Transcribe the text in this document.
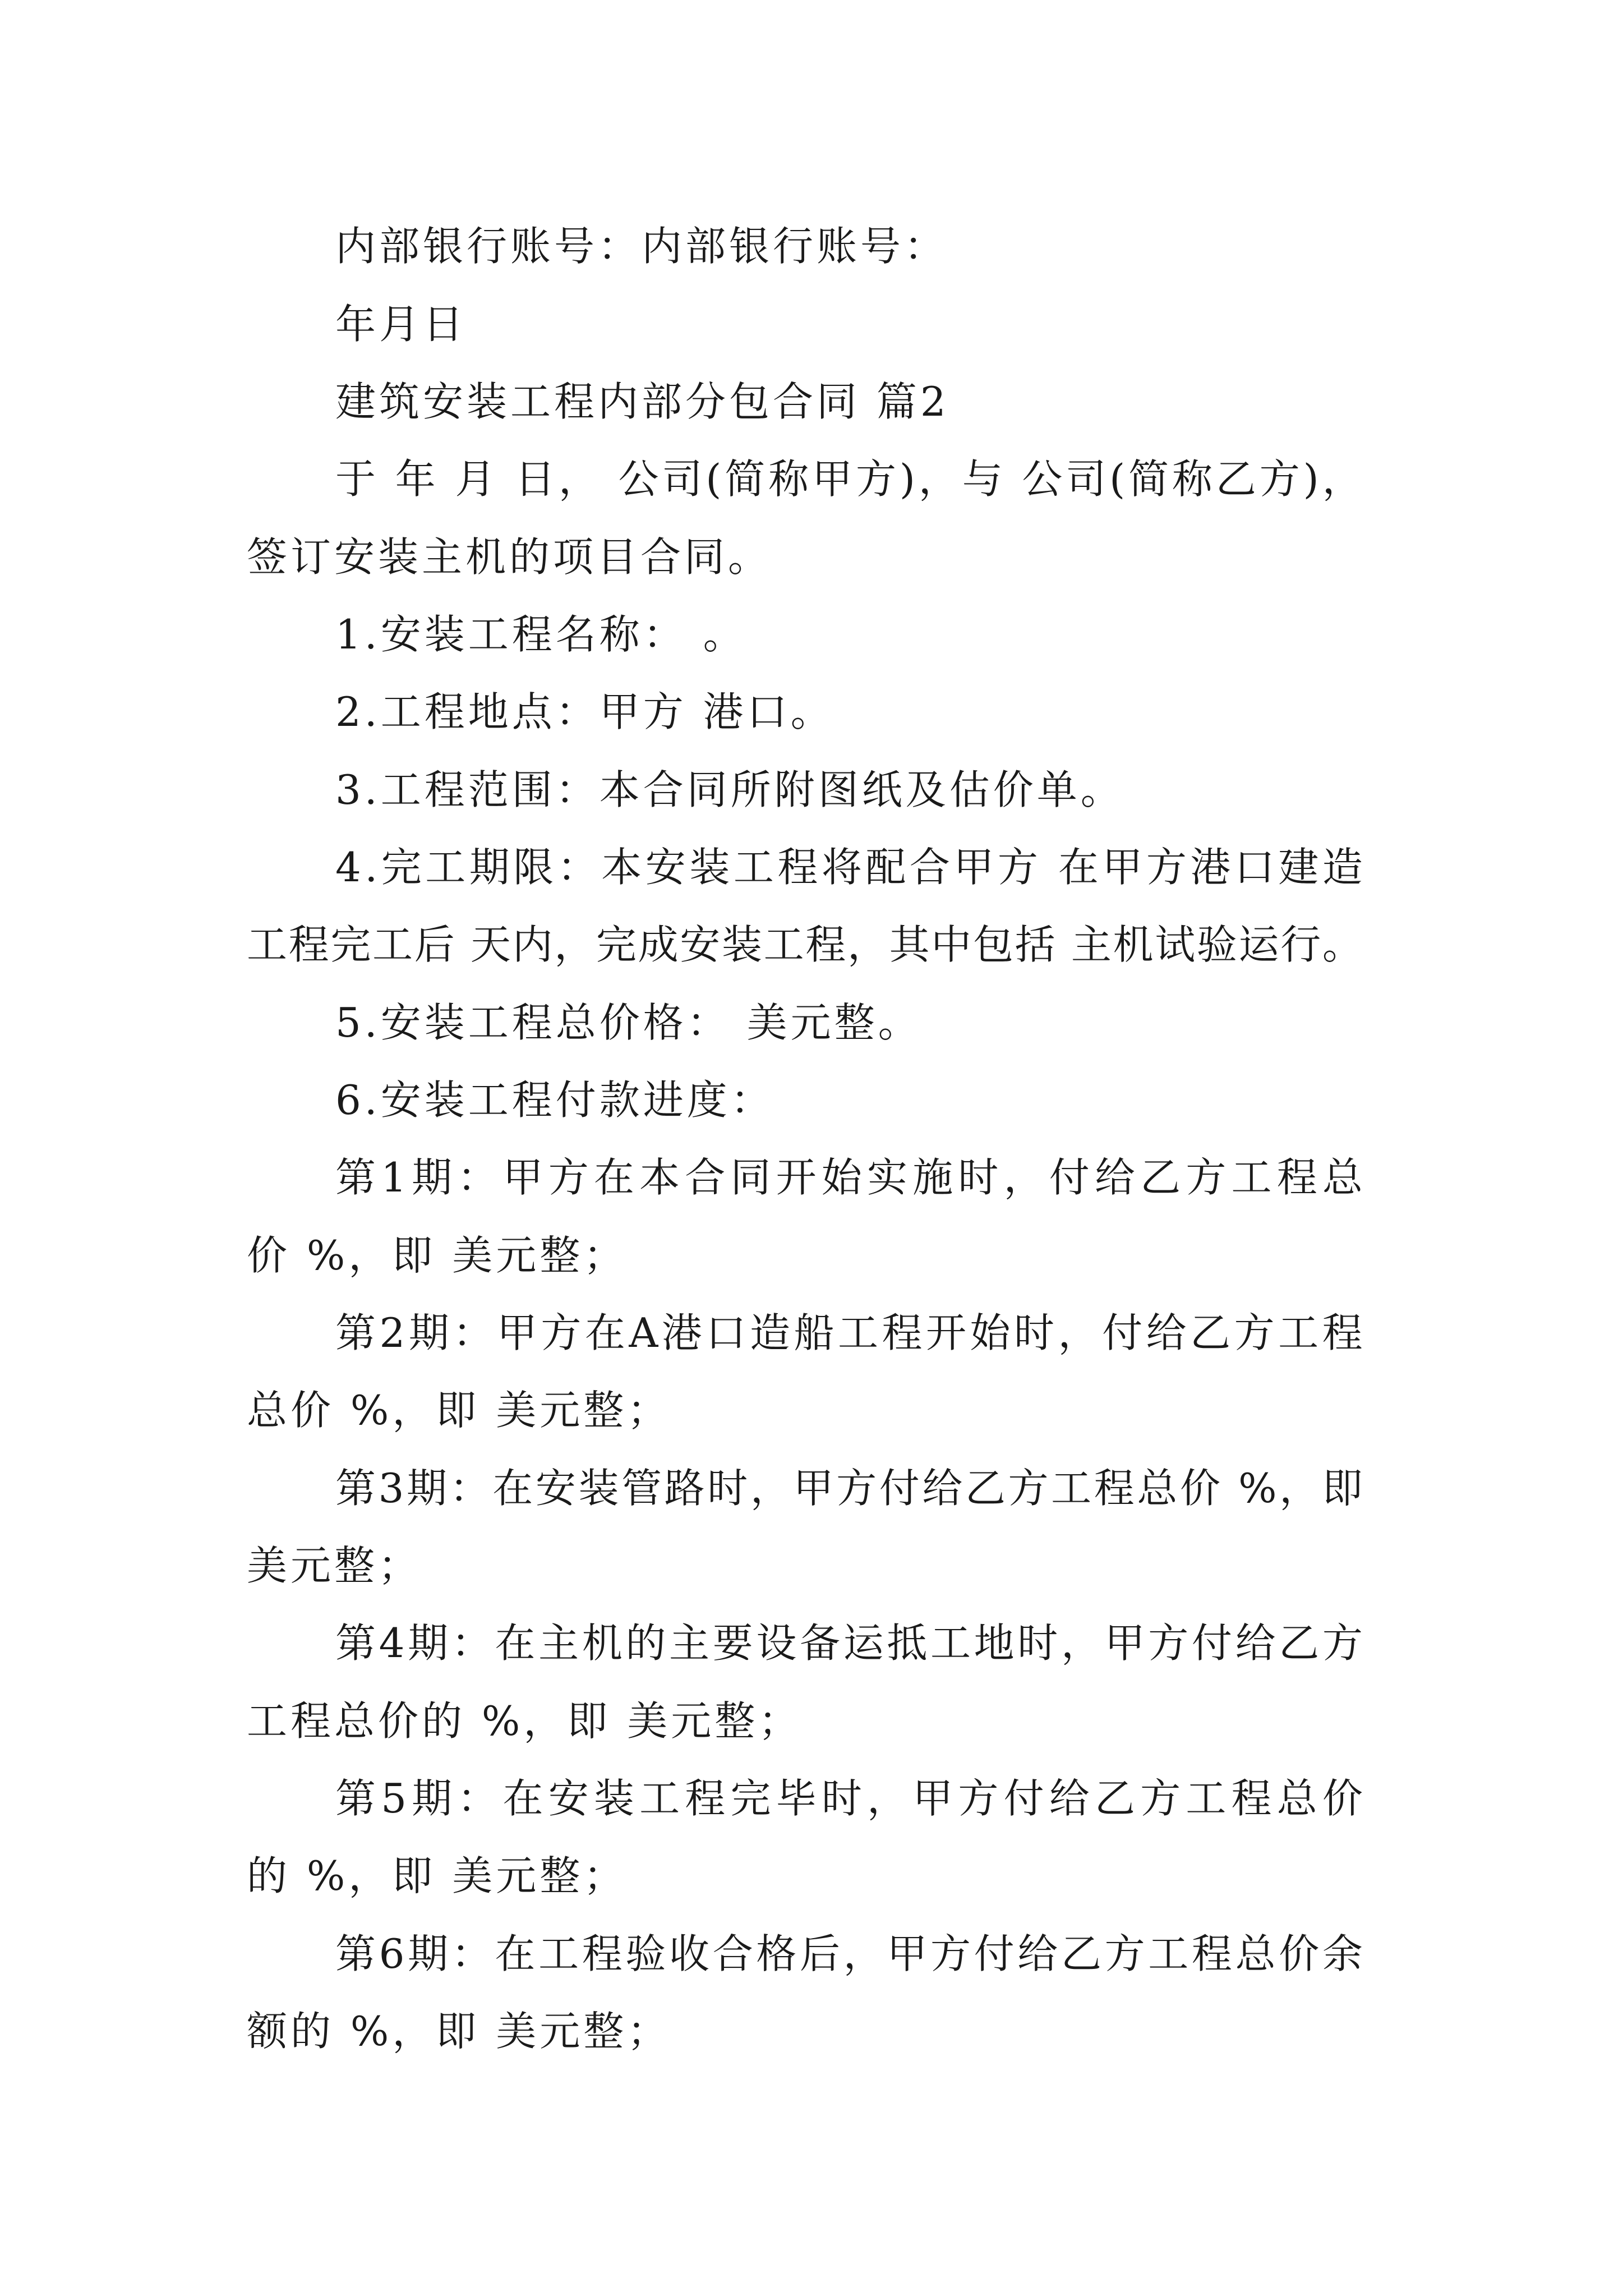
内部银行账号：内部银行账号：

年月日

建筑安装工程内部分包合同 篇2

于
年
月
日 ，
公 司 ( 简 称 甲 方 ) ， 与
公 司 ( 简 称 乙 方 ) ，

签订安装主机的项目合同。

1.安装工程名称： 。

2.工程地点：甲方 港口。

3.工程范围：本合同所附图纸及估价单。

4 . 完 工 期 限 ： 本 安 装 工 程 将 配 合 甲 方
在 甲 方 港 口 建 造

工 程 完 工 后
天 内 ， 完 成 安 装 工 程 ， 其 中 包 括
主 机 试 验 运 行 。

5.安装工程总价格： 美元整。

6.安装工程付款进度：

第 1 期 ： 甲 方 在 本 合 同 开 始 实 施 时 ， 付 给 乙 方 工 程 总

价 %，即 美元整；

第 2 期 ： 甲 方 在 A 港 口 造 船 工 程 开 始 时 ， 付 给 乙 方 工 程

总价 %，即 美元整；

第 3 期 ： 在 安 装 管 路 时 ， 甲 方 付 给 乙 方 工 程 总 价
% ， 即

美元整；

第 4 期 ： 在 主 机 的 主 要 设 备 运 抵 工 地 时 ， 甲 方 付 给 乙 方

工程总价的 %，即 美元整；

第 5 期 ： 在 安 装 工 程 完 毕 时 ， 甲 方 付 给 乙 方 工 程 总 价

的 %，即 美元整；

第 6 期 ： 在 工 程 验 收 合 格 后 ， 甲 方 付 给 乙 方 工 程 总 价 余

额的 %，即 美元整；
